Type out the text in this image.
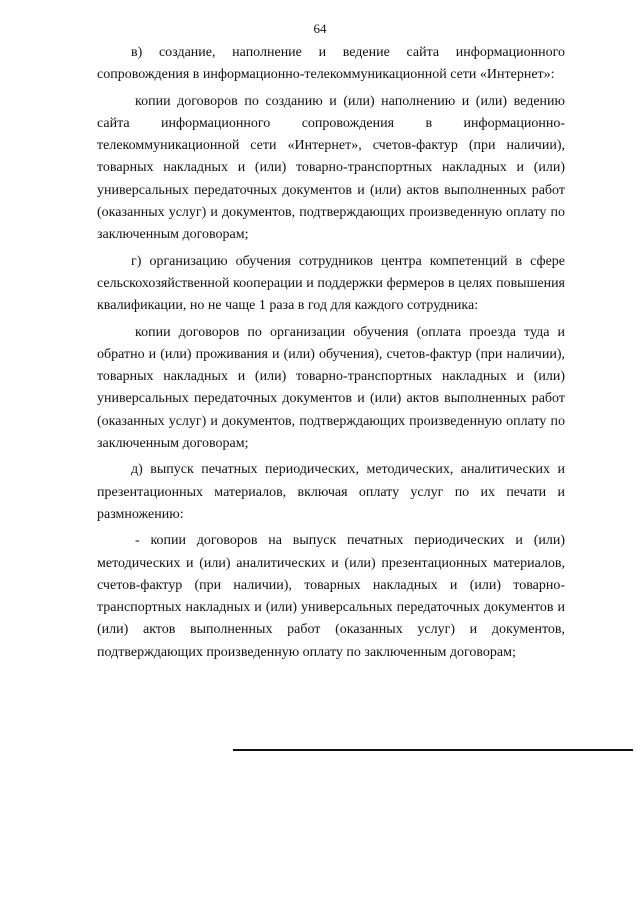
64

в) создание, наполнение и ведение сайта информационного сопровождения в информационно-телекоммуникационной сети «Интернет»:

копии договоров по созданию и (или) наполнению и (или) ведению сайта информационного сопровождения в информационно-телекоммуникационной сети «Интернет», счетов-фактур (при наличии), товарных накладных и (или) товарно-транспортных накладных и (или) универсальных передаточных документов и (или) актов выполненных работ (оказанных услуг) и документов, подтверждающих произведенную оплату по заключенным договорам;

г) организацию обучения сотрудников центра компетенций в сфере сельскохозяйственной кооперации и поддержки фермеров в целях повышения квалификации, но не чаще 1 раза в год для каждого сотрудника:

копии договоров по организации обучения (оплата проезда туда и обратно и (или) проживания и (или) обучения), счетов-фактур (при наличии), товарных накладных и (или) товарно-транспортных накладных и (или) универсальных передаточных документов и (или) актов выполненных работ (оказанных услуг) и документов, подтверждающих произведенную оплату по заключенным договорам;

д) выпуск печатных периодических, методических, аналитических и презентационных материалов, включая оплату услуг по их печати и размножению:

- копии договоров на выпуск печатных периодических и (или) методических и (или) аналитических и (или) презентационных материалов, счетов-фактур (при наличии), товарных накладных и (или) товарно-транспортных накладных и (или) универсальных передаточных документов и (или) актов выполненных работ (оказанных услуг) и документов, подтверждающих произведенную оплату по заключенным договорам;
